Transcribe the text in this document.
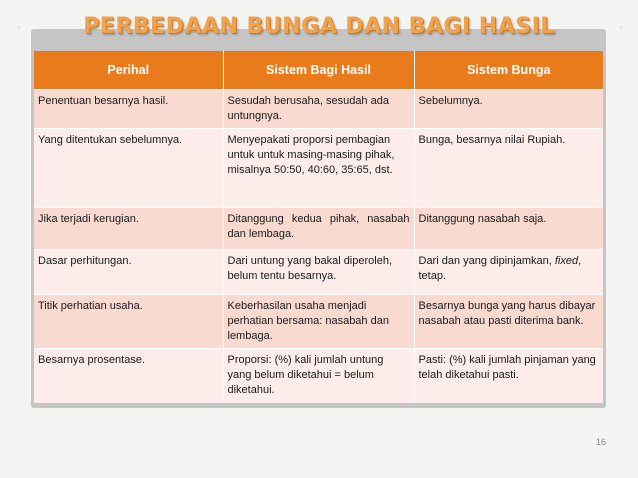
◦	◦
Perihal	Sistem Bagi Hasil	Sistem Bunga
Penentuan besarnya hasil.	Sesudah berusaha, sesudah ada untungnya.	Sebelumnya.
Yang ditentukan sebelumnya.	Menyepakati proporsi pembagian untuk untuk masing-masing pihak, misalnya 50:50, 40:60, 35:65, dst.	Bunga, besarnya nilai Rupiah.
Jika terjadi kerugian.	Ditanggung kedua pihak, nasabah dan lembaga.	Ditanggung nasabah saja.
Dasar perhitungan.	Dari untung yang bakal diperoleh, belum tentu besarnya.	Dari dan yang dipinjamkan, fixed, tetap.
Titik perhatian usaha.	Keberhasilan usaha menjadi perhatian bersama: nasabah dan lembaga.	Besarnya bunga yang harus dibayar nasabah atau pasti diterima bank.
Besarnya prosentase.	Proporsi: (%) kali jumlah untung yang belum diketahui = belum diketahui.	Pasti: (%) kali jumlah pinjaman yang telah diketahui pasti.
PERBEDAAN BUNGA DAN BAGI HASIL
16
